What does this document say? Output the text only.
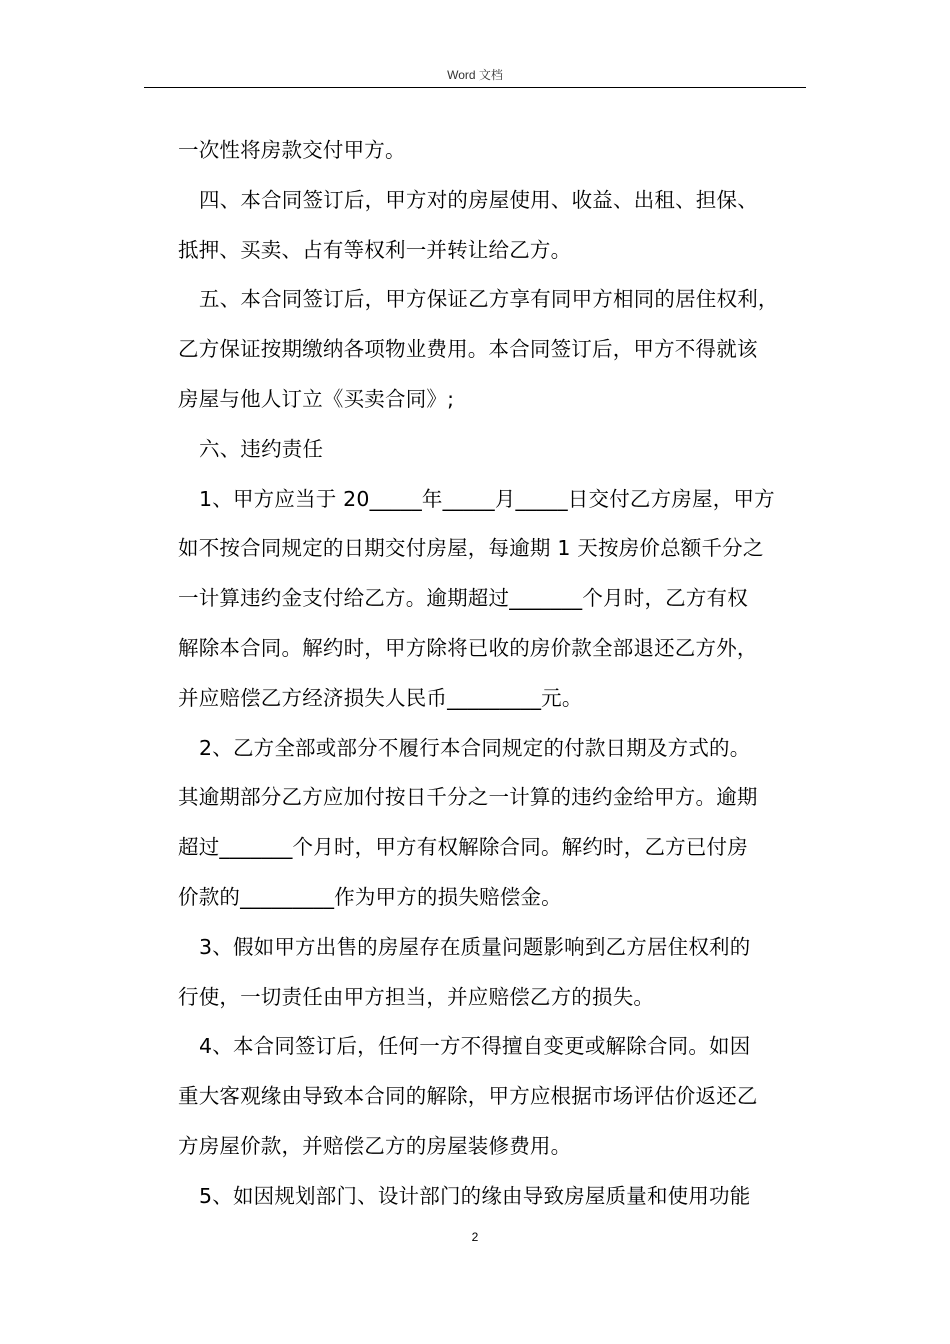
Word 文档

一次性将房款交付甲方。

四、本合同签订后，甲方对的房屋使用、收益、出租、担保、

抵押、买卖、占有等权利一并转让给乙方。

五、本合同签订后，甲方保证乙方享有同甲方相同的居住权利，

乙方保证按期缴纳各项物业费用。本合同签订后，甲方不得就该

房屋与他人订立《买卖合同》;

六、违约责任

1、甲方应当于 20_____年_____月_____日交付乙方房屋，甲方

如不按合同规定的日期交付房屋，每逾期 1 天按房价总额千分之

一计算违约金支付给乙方。逾期超过_______个月时，乙方有权

解除本合同。解约时，甲方除将已收的房价款全部退还乙方外，

并应赔偿乙方经济损失人民币_________元。

2、乙方全部或部分不履行本合同规定的付款日期及方式的。

其逾期部分乙方应加付按日千分之一计算的违约金给甲方。逾期

超过_______个月时，甲方有权解除合同。解约时，乙方已付房

价款的_________作为甲方的损失赔偿金。

3、假如甲方出售的房屋存在质量问题影响到乙方居住权利的

行使，一切责任由甲方担当，并应赔偿乙方的损失。

4、本合同签订后，任何一方不得擅自变更或解除合同。如因

重大客观缘由导致本合同的解除，甲方应根据市场评估价返还乙

方房屋价款，并赔偿乙方的房屋装修费用。

5、如因规划部门、设计部门的缘由导致房屋质量和使用功能

2
